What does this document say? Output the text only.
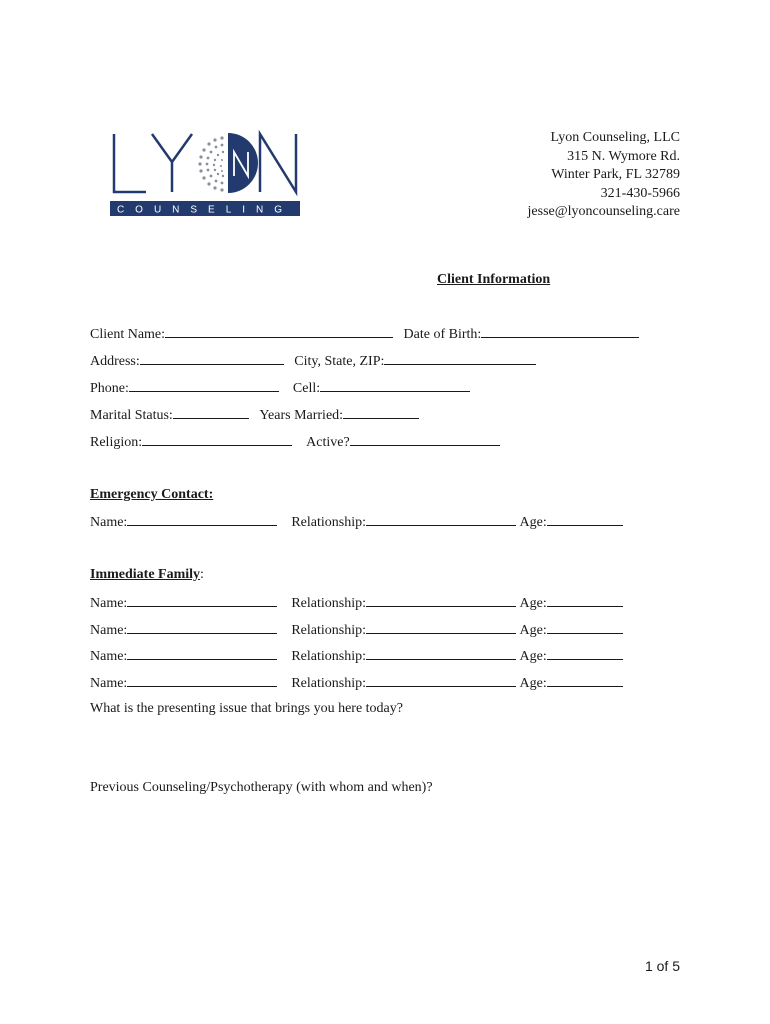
COUNSELING
Lyon Counseling, LLC
315 N. Wymore Rd.
Winter Park, FL 32789
321-430-5966
jesse@lyoncounseling.care
Client Information
Client Name:	Date of Birth:
Address:	City, State, ZIP:
Phone:	Cell:
Marital Status:	Years Married:
Religion:	Active?
Emergency Contact:
Name:	Relationship:	Age:
Immediate Family:
Name:	Relationship:	Age:
Name:	Relationship:	Age:
Name:	Relationship:	Age:
Name:	Relationship:	Age:
What is the presenting issue that brings you here today?
Previous Counseling/Psychotherapy (with whom and when)?
1 of 5
